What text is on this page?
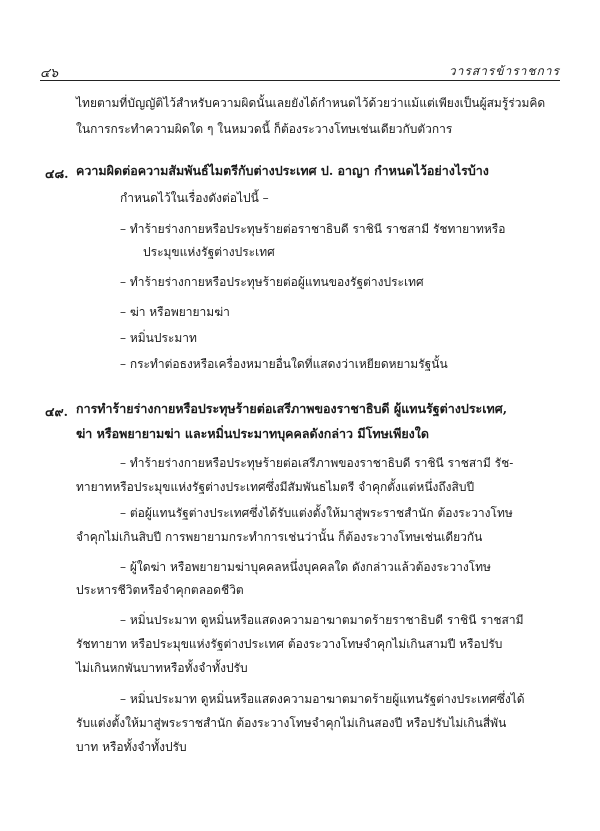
๔๖	วารสารข้าราชการ
ไทยตามที่บัญญัติไว้สำหรับความผิดนั้นเลยยังได้กำหนดไว้ด้วยว่าแม้แต่เพียงเป็นผู้สมรู้ร่วมคิด
ในการกระทำความผิดใด ๆ ในหมวดนี้ ก็ต้องระวางโทษเช่นเดียวกับตัวการ
๔๘. ความผิดต่อความสัมพันธ์ไมตรีกับต่างประเทศ ป. อาญา กำหนดไว้อย่างไรบ้าง
กำหนดไว้ในเรื่องดังต่อไปนี้ –
– ทำร้ายร่างกายหรือประทุษร้ายต่อราชาธิบดี ราชินี ราชสามี รัชทายาทหรือ
ประมุขแห่งรัฐต่างประเทศ
– ทำร้ายร่างกายหรือประทุษร้ายต่อผู้แทนของรัฐต่างประเทศ
– ฆ่า หรือพยายามฆ่า
– หมิ่นประมาท
– กระทำต่อธงหรือเครื่องหมายอื่นใดที่แสดงว่าเหยียดหยามรัฐนั้น
๔๙. การทำร้ายร่างกายหรือประทุษร้ายต่อเสรีภาพของราชาธิบดี ผู้แทนรัฐต่างประเทศ,
ฆ่า หรือพยายามฆ่า และหมิ่นประมาทบุคคลดังกล่าว มีโทษเพียงใด
– ทำร้ายร่างกายหรือประทุษร้ายต่อเสรีภาพของราชาธิบดี ราชินี ราชสามี รัช-
ทายาทหรือประมุขแห่งรัฐต่างประเทศซึ่งมีสัมพันธไมตรี จำคุกตั้งแต่หนึ่งถึงสิบปี
– ต่อผู้แทนรัฐต่างประเทศซึ่งได้รับแต่งตั้งให้มาสู่พระราชสำนัก ต้องระวางโทษ
จำคุกไม่เกินสิบปี การพยายามกระทำการเช่นว่านั้น ก็ต้องระวางโทษเช่นเดียวกัน
– ผู้ใดฆ่า หรือพยายามฆ่าบุคคลหนึ่งบุคคลใด ดังกล่าวแล้วต้องระวางโทษ
ประหารชีวิตหรือจำคุกตลอดชีวิต
– หมิ่นประมาท ดูหมิ่นหรือแสดงความอาฆาตมาดร้ายราชาธิบดี ราชินี ราชสามี
รัชทายาท หรือประมุขแห่งรัฐต่างประเทศ ต้องระวางโทษจำคุกไม่เกินสามปี หรือปรับ
ไม่เกินหกพันบาทหรือทั้งจำทั้งปรับ
– หมิ่นประมาท ดูหมิ่นหรือแสดงความอาฆาตมาดร้ายผู้แทนรัฐต่างประเทศซึ่งได้
รับแต่งตั้งให้มาสู่พระราชสำนัก ต้องระวางโทษจำคุกไม่เกินสองปี หรือปรับไม่เกินสี่พัน
บาท หรือทั้งจำทั้งปรับ
